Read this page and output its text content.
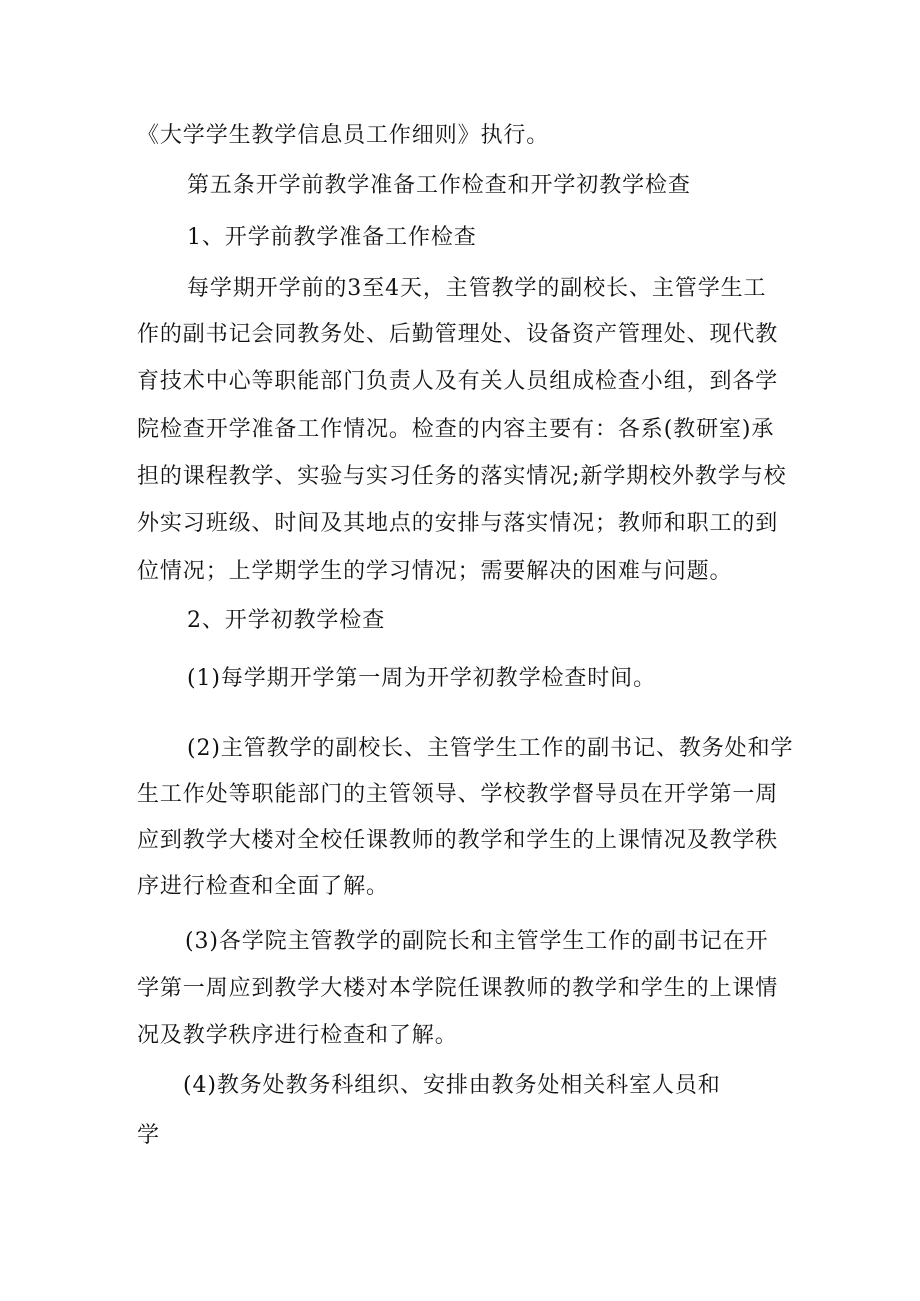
《大学学生教学信息员工作细则》执行。
第五条开学前教学准备工作检查和开学初教学检查
1、开学前教学准备工作检查
每学期开学前的3至4天，主管教学的副校长、主管学生工
作的副书记会同教务处、后勤管理处、设备资产管理处、现代教
育技术中心等职能部门负责人及有关人员组成检查小组，到各学
院检查开学准备工作情况。检查的内容主要有：各系(教研室)承
担的课程教学、实验与实习任务的落实情况;新学期校外教学与校
外实习班级、时间及其地点的安排与落实情况；教师和职工的到
位情况；上学期学生的学习情况；需要解决的困难与问题。
2、开学初教学检查
(1)每学期开学第一周为开学初教学检查时间。
(2)主管教学的副校长、主管学生工作的副书记、教务处和学
生工作处等职能部门的主管领导、学校教学督导员在开学第一周
应到教学大楼对全校任课教师的教学和学生的上课情况及教学秩
序进行检查和全面了解。
(3)各学院主管教学的副院长和主管学生工作的副书记在开
学第一周应到教学大楼对本学院任课教师的教学和学生的上课情
况及教学秩序进行检查和了解。
(4)教务处教务科组织、安排由教务处相关科室人员和
学
